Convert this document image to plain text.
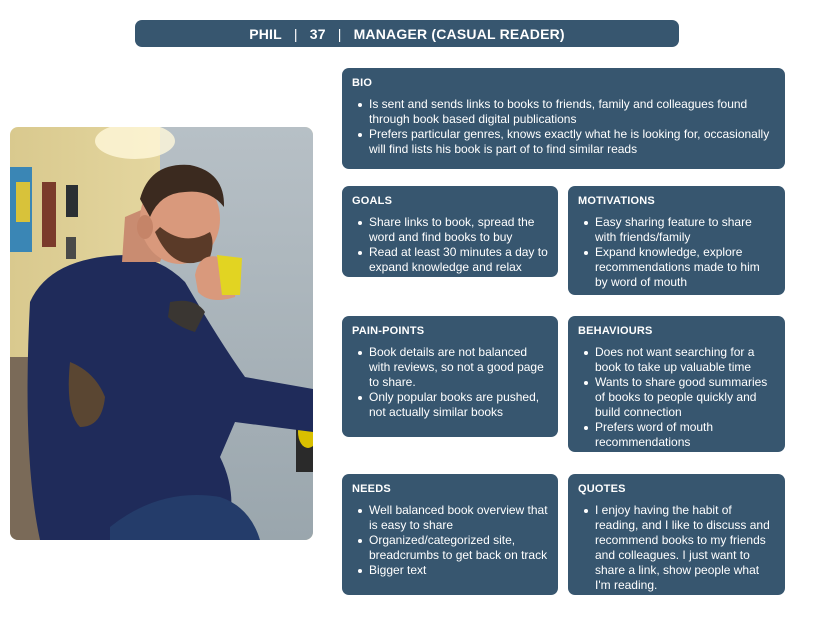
PHIL | 37 | MANAGER (CASUAL READER)
BIO
Is sent and sends links to books to friends, family and colleagues found through book based digital publications
Prefers particular genres, knows exactly what he is looking for, occasionally will find lists his book is part of to find similar reads
GOALS
Share links to book, spread the word and find books to buy
Read at least 30 minutes a day to expand knowledge and relax
MOTIVATIONS
Easy sharing feature to share with friends/family
Expand knowledge, explore recommendations made to him by word of mouth
PAIN-POINTS
Book details are not balanced with reviews, so not a good page to share.
Only popular books are pushed, not actually similar books
BEHAVIOURS
Does not want searching for a book to take up valuable time
Wants to share good summaries of books to people quickly and build connection
Prefers word of mouth recommendations
NEEDS
Well balanced book overview that is easy to share
Organized/categorized site, breadcrumbs to get back on track
Bigger text
QUOTES
I enjoy having the habit of reading, and I like to discuss and recommend books to my friends and colleagues. I just want to share a link, show people what I'm reading.
